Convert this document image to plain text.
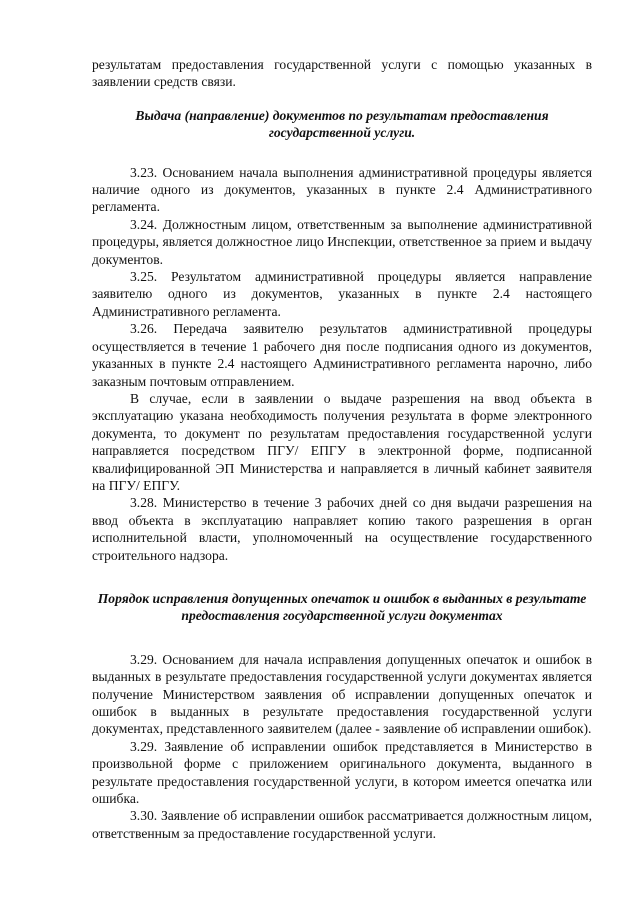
результатам предоставления государственной услуги с помощью указанных в заявлении средств связи.

Выдача (направление) документов по результатам предоставления государственной услуги.

3.23. Основанием начала выполнения административной процедуры является наличие одного из документов, указанных в пункте 2.4 Административного регламента.

3.24. Должностным лицом, ответственным за выполнение административной процедуры, является должностное лицо Инспекции, ответственное за прием и выдачу документов.

3.25. Результатом административной процедуры является направление заявителю одного из документов, указанных в пункте 2.4 настоящего Административного регламента.

3.26. Передача заявителю результатов административной процедуры осуществляется в течение 1 рабочего дня после подписания одного из документов, указанных в пункте 2.4 настоящего Административного регламента нарочно, либо заказным почтовым отправлением.

В случае, если в заявлении о выдаче разрешения на ввод объекта в эксплуатацию указана необходимость получения результата в форме электронного документа, то документ по результатам предоставления государственной услуги направляется посредством ПГУ/ ЕПГУ в электронной форме, подписанной квалифицированной ЭП Министерства и направляется в личный кабинет заявителя на ПГУ/ ЕПГУ.

3.28. Министерство в течение 3 рабочих дней со дня выдачи разрешения на ввод объекта в эксплуатацию направляет копию такого разрешения в орган исполнительной власти, уполномоченный на осуществление государственного строительного надзора.

Порядок исправления допущенных опечаток и ошибок в выданных в результате предоставления государственной услуги документах

3.29. Основанием для начала исправления допущенных опечаток и ошибок в выданных в результате предоставления государственной услуги документах является получение Министерством заявления об исправлении допущенных опечаток и ошибок в выданных в результате предоставления государственной услуги документах, представленного заявителем (далее - заявление об исправлении ошибок).

3.29. Заявление об исправлении ошибок представляется в Министерство в произвольной форме с приложением оригинального документа, выданного в результате предоставления государственной услуги, в котором имеется опечатка или ошибка.

3.30. Заявление об исправлении ошибок рассматривается должностным лицом, ответственным за предоставление государственной услуги.
